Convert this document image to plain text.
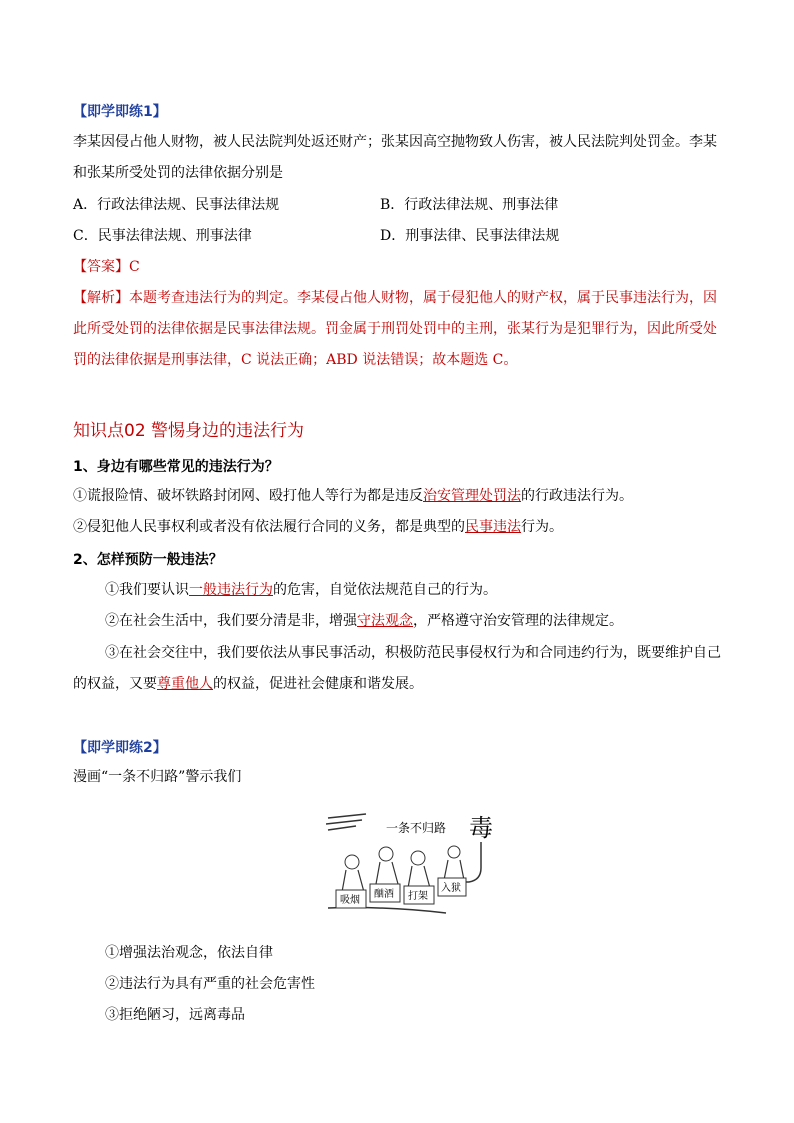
【即学即练1】
李某因侵占他人财物，被人民法院判处返还财产；张某因高空抛物致人伤害，被人民法院判处罚金。李某
和张某所受处罚的法律依据分别是
A．行政法律法规、民事法律法规	B．行政法律法规、刑事法律
C．民事法律法规、刑事法律	D．刑事法律、民事法律法规
【答案】C
【解析】本题考查违法行为的判定。李某侵占他人财物，属于侵犯他人的财产权，属于民事违法行为，因
此所受处罚的法律依据是民事法律法规。罚金属于刑罚处罚中的主刑，张某行为是犯罪行为，因此所受处
罚的法律依据是刑事法律，C 说法正确；ABD 说法错误；故本题选 C。
知识点02 警惕身边的违法行为
1、身边有哪些常见的违法行为？
①谎报险情、破坏铁路封闭网、殴打他人等行为都是违反治安管理处罚法的行政违法行为。
②侵犯他人民事权利或者没有依法履行合同的义务，都是典型的民事违法行为。
2、怎样预防一般违法？
①我们要认识一般违法行为的危害，自觉依法规范自己的行为。
②在社会生活中，我们要分清是非，增强守法观念，严格遵守治安管理的法律规定。
③在社会交往中，我们要依法从事民事活动，积极防范民事侵权行为和合同违约行为，既要维护自己
的权益，又要尊重他人的权益，促进社会健康和谐发展。
【即学即练2】
漫画“一条不归路”警示我们
一条不归路 毒
吸烟
酗酒 打架
入狱
①增强法治观念，依法自律
②违法行为具有严重的社会危害性
③拒绝陋习，远离毒品
